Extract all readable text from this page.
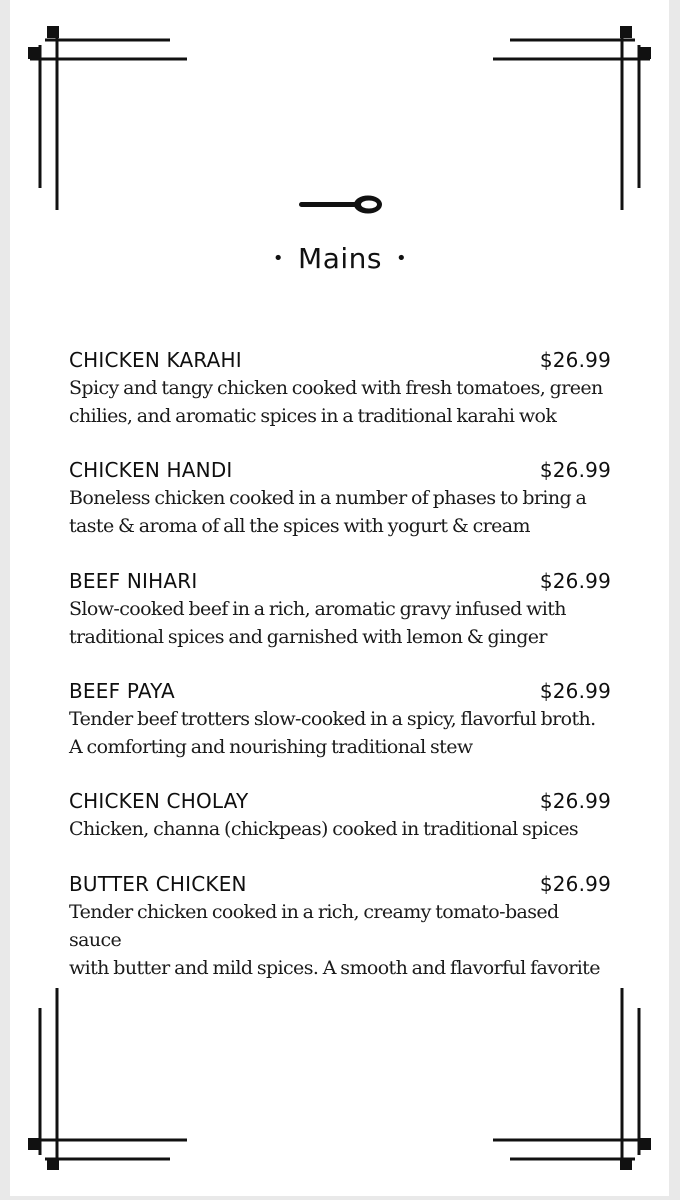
• Mains •
CHICKEN KARAHI	$26.99
Spicy and tangy chicken cooked with fresh tomatoes, green
chilies, and aromatic spices in a traditional karahi wok
CHICKEN HANDI	$26.99
Boneless chicken cooked in a number of phases to bring a
taste & aroma of all the spices with yogurt & cream
BEEF NIHARI	$26.99
Slow-cooked beef in a rich, aromatic gravy infused with
traditional spices and garnished with lemon & ginger
BEEF PAYA	$26.99
Tender beef trotters slow-cooked in a spicy, flavorful broth.
A comforting and nourishing traditional stew
CHICKEN CHOLAY	$26.99
Chicken, channa (chickpeas) cooked in traditional spices
BUTTER CHICKEN	$26.99
Tender chicken cooked in a rich, creamy tomato-based sauce
with butter and mild spices. A smooth and flavorful favorite
